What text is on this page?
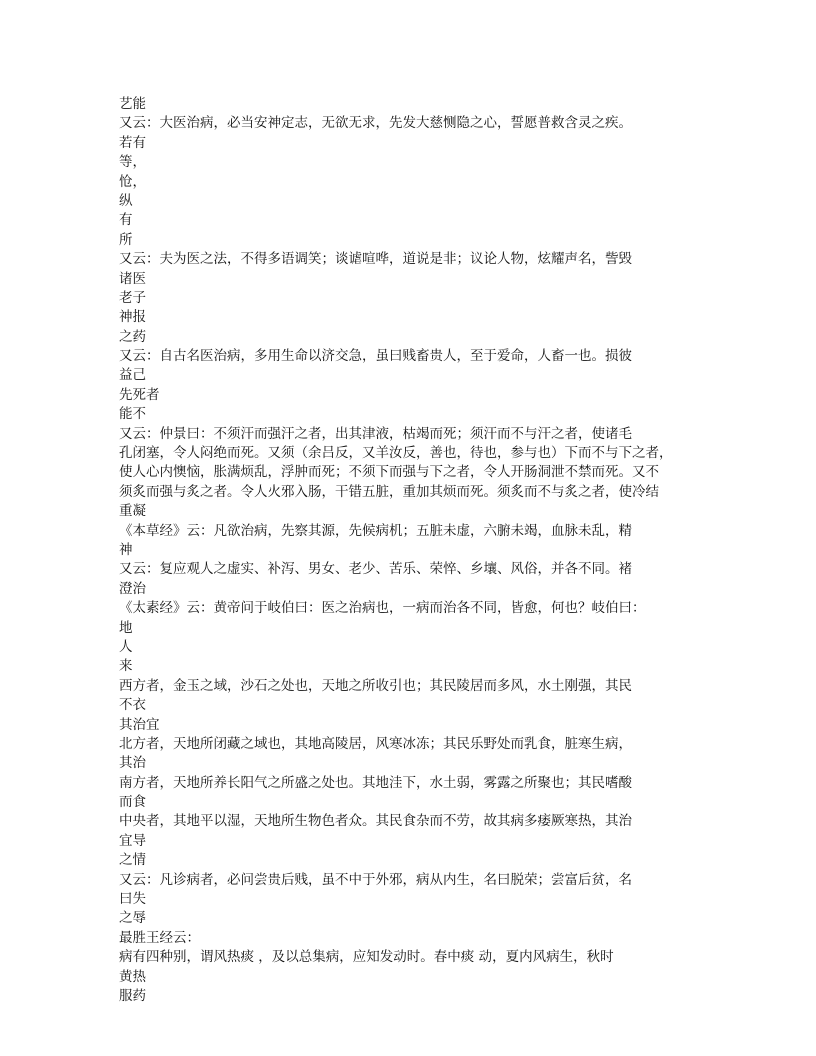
艺能
又云：大医治病，必当安神定志，无欲无求，先发大慈恻隐之心，誓愿普救含灵之疾。
若有
等，
怆，
纵
有
所
又云：夫为医之法，不得多语调笑；谈谑喧哗，道说是非；议论人物，炫耀声名，訾毁
诸医
老子
神报
之药
又云：自古名医治病，多用生命以济交急，虽曰贱畜贵人，至于爱命，人畜一也。损彼
益己
先死者
能不
又云：仲景曰：不须汗而强汗之者，出其津液，枯竭而死；须汗而不与汗之者，使诸毛
孔闭塞，令人闷绝而死。又须（余吕反，又羊汝反，善也，待也，参与也）下而不与下之者，
使人心内懊恼，胀满烦乱，浮肿而死；不须下而强与下之者，令人开肠洞泄不禁而死。又不
须炙而强与炙之者。令人火邪入肠，干错五脏，重加其烦而死。须炙而不与炙之者，使冷结
重凝
《本草经》云：凡欲治病，先察其源，先候病机；五脏未虚，六腑未竭，血脉未乱，精
神
又云：复应观人之虚实、补泻、男女、老少、苦乐、荣悴、乡壤、风俗，并各不同。褚
澄治
《太素经》云：黄帝问于岐伯曰：医之治病也，一病而治各不同，皆愈，何也？岐伯曰：
地
人
来
西方者，金玉之域，沙石之处也，天地之所收引也；其民陵居而多风，水土刚强，其民
不衣
其治宜
北方者，天地所闭藏之域也，其地高陵居，风寒冰冻；其民乐野处而乳食，脏寒生病，
其治
南方者，天地所养长阳气之所盛之处也。其地洼下，水土弱，雾露之所聚也；其民嗜酸
而食
中央者，其地平以湿，天地所生物色者众。其民食杂而不劳，故其病多痿厥寒热，其治
宜导
之情
又云：凡诊病者，必问尝贵后贱，虽不中于外邪，病从内生，名曰脱荣；尝富后贫，名
曰失
之辱
最胜王经云：
病有四种别，谓风热痰 ，及以总集病，应知发动时。春中痰 动，夏内风病生，秋时
黄热
服药
